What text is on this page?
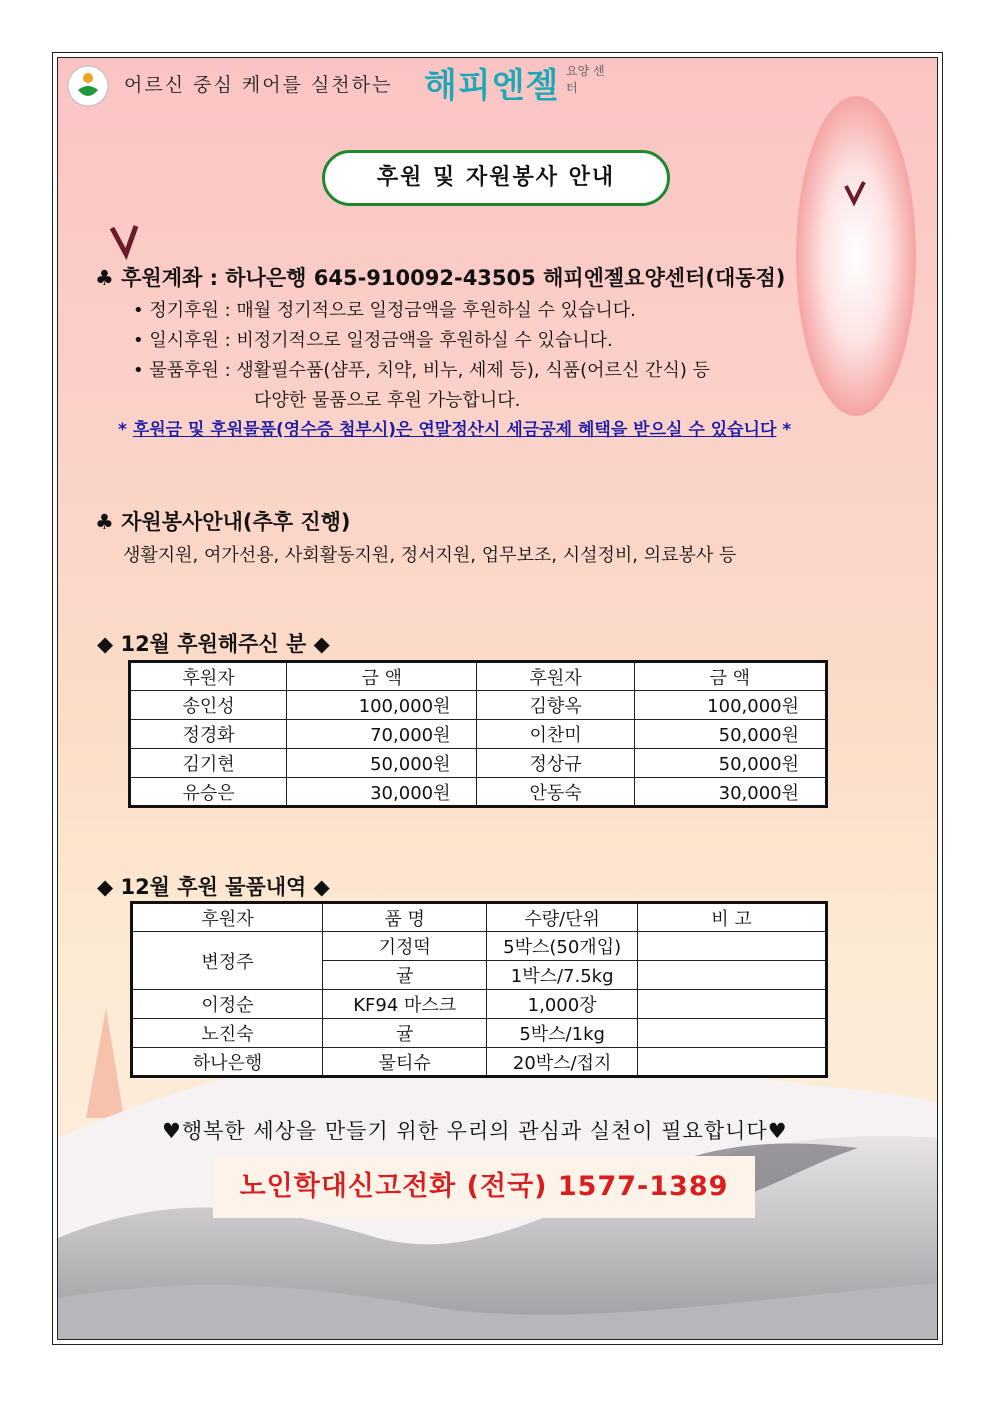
어르신 중심 케어를 실천하는 해피엔젤 요양 센터
후원 및 자원봉사 안내
♣ 후원계좌 : 하나은행 645-910092-43505 해피엔젤요양센터(대동점)
• 정기후원 : 매월 정기적으로 일정금액을 후원하실 수 있습니다.
• 일시후원 : 비정기적으로 일정금액을 후원하실 수 있습니다.
• 물품후원 : 생활필수품(샴푸, 치약, 비누, 세제 등), 식품(어르신 간식) 등
다양한 물품으로 후원 가능합니다.
* 후원금 및 후원물품(영수증 첨부시)은 연말정산시 세금공제 혜택을 받으실 수 있습니다 *
♣ 자원봉사안내(추후 진행)
생활지원, 여가선용, 사회활동지원, 정서지원, 업무보조, 시설정비, 의료봉사 등
◆ 12월 후원해주신 분 ◆
후원자	금 액	후원자	금 액
송인성	100,000원	김향옥	100,000원
정경화	70,000원	이찬미	50,000원
김기현	50,000원	정상규	50,000원
유승은	30,000원	안동숙	30,000원
◆ 12월 후원 물품내역 ◆
후원자	품 명	수량/단위	비 고
변정주	기정떡	5박스(50개입)	
	귤	1박스/7.5kg	
이정순	KF94 마스크	1,000장	
노진숙	귤	5박스/1kg	
하나은행	물티슈	20박스/접지	
♥행복한 세상을 만들기 위한 우리의 관심과 실천이 필요합니다♥
노인학대신고전화 (전국) 1577-1389
